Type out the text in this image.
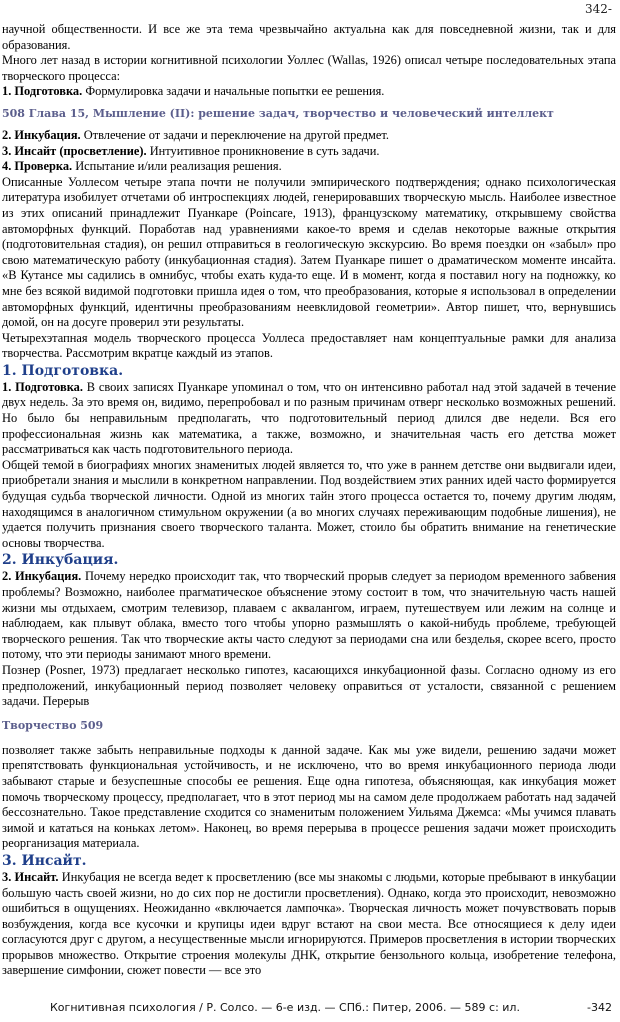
342-

научной общественности. И все же эта тема чрезвычайно актуальна как для повседневной жизни, так и для образования.

Много лет назад в истории когнитивной психологии Уоллес (Wallas, 1926) описал четыре последовательных этапа творческого процесса:

1. Подготовка. Формулировка задачи и начальные попытки ее решения.

508 Глава 15, Мышление (II): решение задач, творчество и человеческий интеллект

2. Инкубация. Отвлечение от задачи и переключение на другой предмет.

3. Инсайт (просветление). Интуитивное проникновение в суть задачи.

4. Проверка. Испытание и/или реализация решения.

Описанные Уоллесом четыре этапа почти не получили эмпирического подтверждения; однако психологическая литература изобилует отчетами об интроспекциях людей, генерировавших творческую мысль. Наиболее известное из этих описаний принадлежит Пуанкаре (Poincare, 1913), французскому математику, открывшему свойства автоморфных функций. Поработав над уравнениями какое-то время и сделав некоторые важные открытия (подготовительная стадия), он решил отправиться в геологическую экскурсию. Во время поездки он «забыл» про свою математическую работу (инкубационная стадия). Затем Пуанкаре пишет о драматическом моменте инсайта. «В Кутансе мы садились в омнибус, чтобы ехать куда-то еще. И в момент, когда я поставил ногу на подножку, ко мне без всякой видимой подготовки пришла идея о том, что преобразования, которые я использовал в определении автоморфных функций, идентичны преобразованиям неевклидовой геометрии». Автор пишет, что, вернувшись домой, он на досуге проверил эти результаты.

Четырехэтапная модель творческого процесса Уоллеса предоставляет нам концептуальные рамки для анализа творчества. Рассмотрим вкратце каждый из этапов.

1. Подготовка.

1. Подготовка. В своих записях Пуанкаре упоминал о том, что он интенсивно работал над этой задачей в течение двух недель. За это время он, видимо, перепробовал и по разным причинам отверг несколько возможных решений. Но было бы неправильным предполагать, что подготовительный период длился две недели. Вся его профессиональная жизнь как математика, а также, возможно, и значительная часть его детства может рассматриваться как часть подготовительного периода.

Общей темой в биографиях многих знаменитых людей является то, что уже в раннем детстве они выдвигали идеи, приобретали знания и мыслили в конкретном направлении. Под воздействием этих ранних идей часто формируется будущая судьба творческой личности. Одной из многих тайн этого процесса остается то, почему другим людям, находящимся в аналогичном стимульном окружении (а во многих случаях переживающим подобные лишения), не удается получить признания своего творческого таланта. Может, стоило бы обратить внимание на генетические основы творчества.

2. Инкубация.

2. Инкубация. Почему нередко происходит так, что творческий прорыв следует за периодом временного забвения проблемы? Возможно, наиболее прагматическое объяснение этому состоит в том, что значительную часть нашей жизни мы отдыхаем, смотрим телевизор, плаваем с аквалангом, играем, путешествуем или лежим на солнце и наблюдаем, как плывут облака, вместо того чтобы упорно размышлять о какой-нибудь проблеме, требующей творческого решения. Так что творческие акты часто следуют за периодами сна или безделья, скорее всего, просто потому, что эти периоды занимают много времени.

Познер (Posner, 1973) предлагает несколько гипотез, касающихся инкубационной фазы. Согласно одному из его предположений, инкубационный период позволяет человеку оправиться от усталости, связанной с решением задачи. Перерыв

Творчество 509

позволяет также забыть неправильные подходы к данной задаче. Как мы уже видели, решению задачи может препятствовать функциональная устойчивость, и не исключено, что во время инкубационного периода люди забывают старые и безуспешные способы ее решения. Еще одна гипотеза, объясняющая, как инкубация может помочь творческому процессу, предполагает, что в этот период мы на самом деле продолжаем работать над задачей бессознательно. Такое представление сходится со знаменитым положением Уильяма Джемса: «Мы учимся плавать зимой и кататься на коньках летом». Наконец, во время перерыва в процессе решения задачи может происходить реорганизация материала.

3. Инсайт.

3. Инсайт. Инкубация не всегда ведет к просветлению (все мы знакомы с людьми, которые пребывают в инкубации большую часть своей жизни, но до сих пор не достигли просветления). Однако, когда это происходит, невозможно ошибиться в ощущениях. Неожиданно «включается лампочка». Творческая личность может почувствовать порыв возбуждения, когда все кусочки и крупицы идеи вдруг встают на свои места. Все относящиеся к делу идеи согласуются друг с другом, а несущественные мысли игнорируются. Примеров просветления в истории творческих прорывов множество. Открытие строения молекулы ДНК, открытие бензольного кольца, изобретение телефона, завершение симфонии, сюжет повести — все это

Когнитивная психология / Р. Солсо. — 6-е изд. — СПб.: Питер, 2006. — 589 с: ил.	-342
